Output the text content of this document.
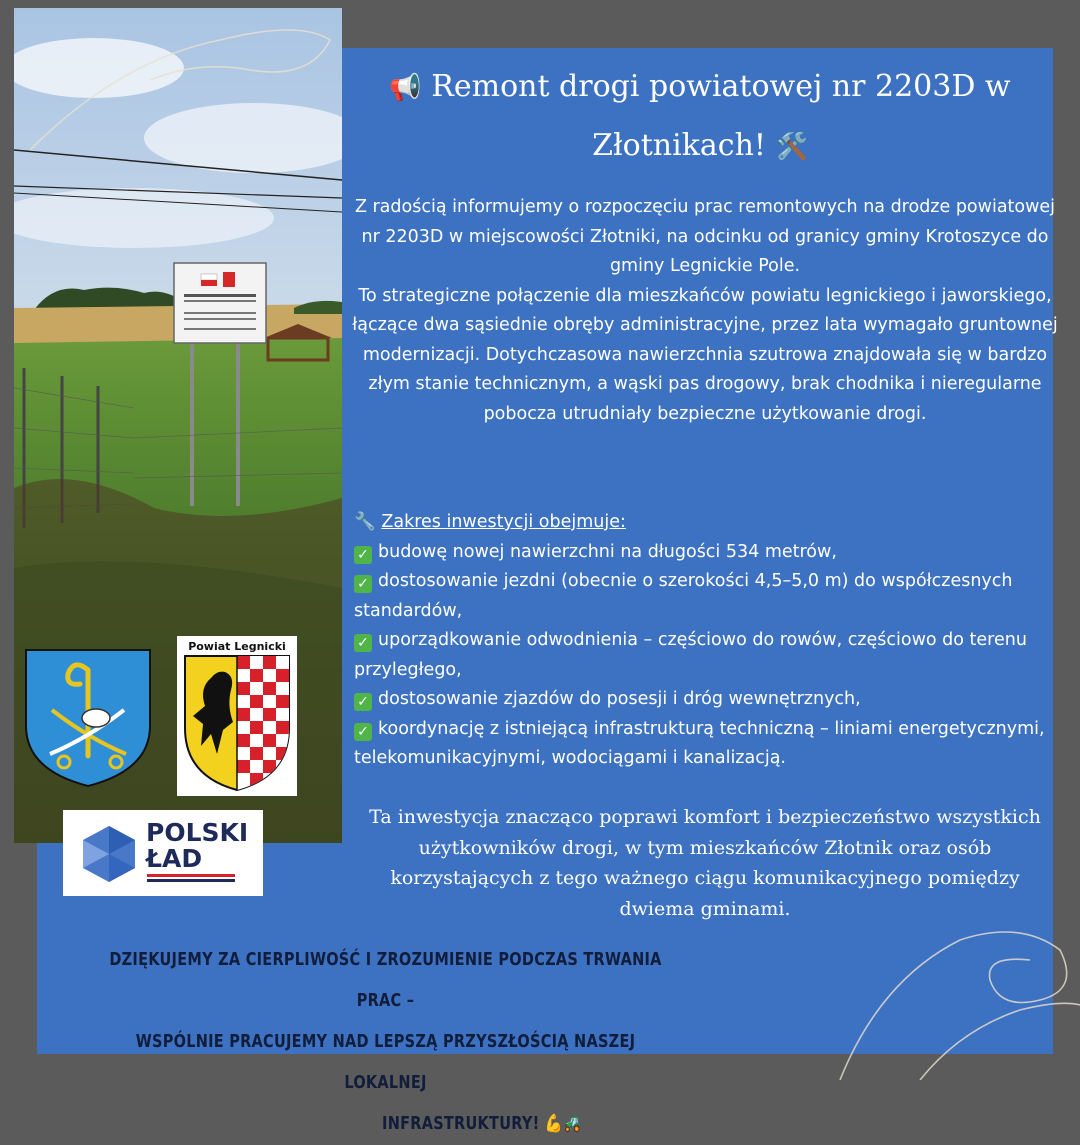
📢 Remont drogi powiatowej nr 2203D w
Złotnikach! 🛠️
Z radością informujemy o rozpoczęciu prac remontowych na drodze powiatowej nr 2203D w miejscowości Złotniki, na odcinku od granicy gminy Krotoszyce do gminy Legnickie Pole.
To strategiczne połączenie dla mieszkańców powiatu legnickiego i jaworskiego, łączące dwa sąsiednie obręby administracyjne, przez lata wymagało gruntownej modernizacji. Dotychczasowa nawierzchnia szutrowa znajdowała się w bardzo złym stanie technicznym, a wąski pas drogowy, brak chodnika i nieregularne pobocza utrudniały bezpieczne użytkowanie drogi.
🔧 Zakres inwestycji obejmuje:
✓ budowę nowej nawierzchni na długości 534 metrów,
✓ dostosowanie jezdni (obecnie o szerokości 4,5–5,0 m) do współczesnych standardów,
✓ uporządkowanie odwodnienia – częściowo do rowów, częściowo do terenu przyległego,
✓ dostosowanie zjazdów do posesji i dróg wewnętrznych,
✓ koordynację z istniejącą infrastrukturą techniczną – liniami energetycznymi, telekomunikacyjnymi, wodociągami i kanalizacją.
Ta inwestycja znacząco poprawi komfort i bezpieczeństwo wszystkich użytkowników drogi, w tym mieszkańców Złotnik oraz osób korzystających z tego ważnego ciągu komunikacyjnego pomiędzy dwiema gminami.
DZIĘKUJEMY ZA CIERPLIWOŚĆ I ZROZUMIENIE PODCZAS TRWANIA PRAC –
WSPÓLNIE PRACUJEMY NAD LEPSZĄ PRZYSZŁOŚCIĄ NASZEJ LOKALNEJ
INFRASTRUKTURY! 💪🚜
Powiat Legnicki
POLSKI
ŁAD
